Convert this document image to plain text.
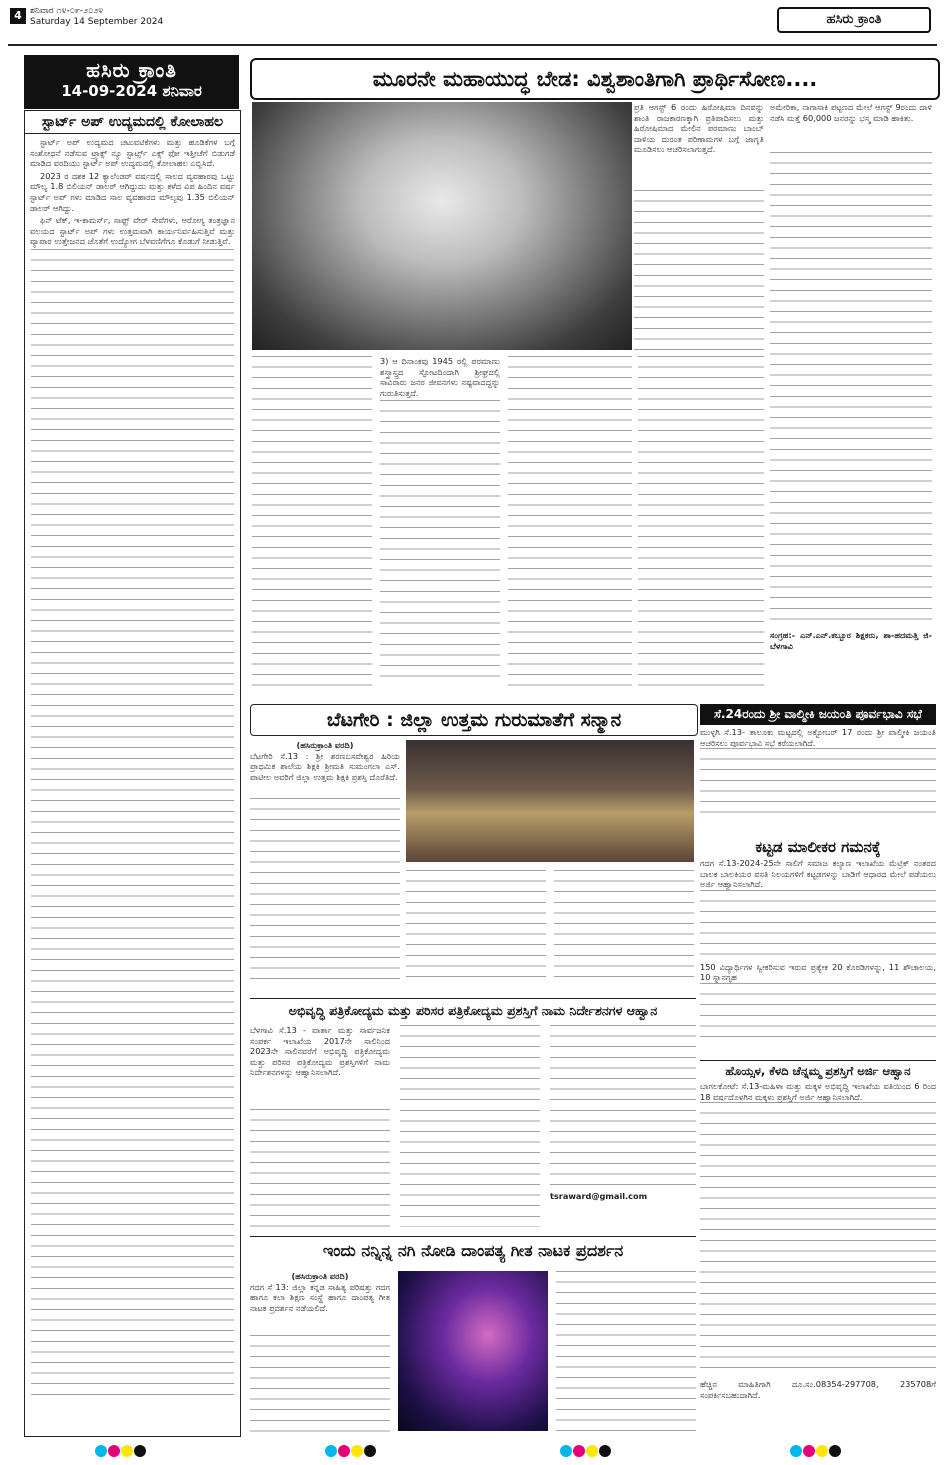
4 ಶನಿವಾರ ೧೪-೦೯-೨೦೨೪
Saturday 14 September 2024	ಹಸಿರು ಕ್ರಾಂತಿ
ಹಸಿರು ಕ್ರಾಂತಿ
14-09-2024 ಶನಿವಾರ
ಸ್ಟಾರ್ಟ್ ಅಪ್ ಉದ್ಯಮದಲ್ಲಿ ಕೋಲಾಹಲ

ಸ್ಟಾರ್ಟ್ ಅಪ್ ಉದ್ಯಮದ ಚಟುವಟಿಕೆಗಳು ಮತ್ತು ಹೂಡಿಕೆಗಳ ಬಗ್ಗೆ ಸಂಶೋಧನೆ ನಡೆಸುವ ಟ್ರ್ಯಾಕ್ಸ್ ನ್ಯೂ ಸ್ಟಾರ್ಟ್ಸ್ ಎಕ್ಸ್ ಫೋ ಇತ್ತೀಚೆಗೆ ಬಿಡುಗಡೆ ಮಾಡಿದ ವರದಿಯು ಸ್ಟಾರ್ಟ್ ಅಪ್ ಉದ್ಯಮದಲ್ಲಿ ಕೋಲಾಹಲ ಎಬ್ಬಿಸಿದೆ.

2023 ರ ದಶಕ 12 ಕ್ಯಾಲೆಂಡರ್ ವರ್ಷದಲ್ಲಿ ಸಾಲದ ವ್ಯವಹಾರವು ಒಟ್ಟು ಮೌಲ್ಯ 1.8 ಬಿಲಿಯನ್ ಡಾಲರ್ ಆಗಿದ್ದುದು ಮತ್ತು ಕಳೆದ ವಿಪ ಹಿಂದಿನ ವರ್ಷ ಸ್ಟಾರ್ಟ್ ಅಪ್ ಗಳು ಮಾಡಿದ ಸಾಲ ವ್ಯವಹಾರದ ಮೌಲ್ಯವು 1.35 ಬಿಲಿಯನ್ ಡಾಲರ್ ಆಗಿದ್ದು.

ಫಿನ್ ಟೆಕ್, ಇ-ಕಾಮರ್ಸ್, ಸಾಫ್ಟ್ ವೇರ್ ಸೇವೆಗಳು, ಆರೋಗ್ಯ ತಂತ್ರಜ್ಞಾನ ವಲಯದ ಸ್ಟಾರ್ಟ್ ಅಪ್ ಗಳು ಉತ್ತಮವಾಗಿ ಕಾರ್ಯನಿರ್ವಹಿಸುತ್ತಿವೆ ಮತ್ತು ವ್ಯಾಪಾರ ಉತ್ತೇಜನದ ಜೊತೆಗೆ ಉದ್ಯೋಗ ಬೆಳವಣಿಗೆಗೂ ಕೊಡುಗೆ ನೀಡುತ್ತಿವೆ.

ಮೂರನೇ ಮಹಾಯುದ್ಧ ಬೇಡ: ವಿಶ್ವಶಾಂತಿಗಾಗಿ ಪ್ರಾರ್ಥಿಸೋಣ....
ಪ್ರತಿ ಆಗಸ್ಟ್ 6 ರಂದು ಹಿರೋಷಿಮಾ ದಿನವನ್ನು ಶಾಂತಿ ರಾಜಕಾರಣಕ್ಕಾಗಿ ಪ್ರತಿಪಾದಿಸಲು ಮತ್ತು ಹಿರೋಷಿಮಾದ ಮೇಲಿನ ಪರಮಾಣು ಬಾಂಬ್ ದಾಳಿಯ ದುರಂತ ಪರಿಣಾಮಗಳ ಬಗ್ಗೆ ಜಾಗೃತಿ ಮೂಡಿಸಲು ಆಚರಿಸಲಾಗುತ್ತದೆ.
ಅಮೇರಿಕಾ, ನಾಗಾಸಾಕಿ ಪಟ್ಟಣದ ಮೇಲೆ ಆಗಸ್ಟ್ 9ರಂದು ದಾಳಿ ನಡೆಸಿ ಮತ್ತೆ 60,000 ಜನರನ್ನು ಭಸ್ಮ ಮಾಡಿ ಹಾಕಿತು.
3) ಆ ದಿನಾಂಕವು 1945 ರಲ್ಲಿ ಪರಮಾಣು ಶಸ್ತ್ರಾಸ್ತ್ರದ ಸ್ಫೋಟದಿಂದಾಗಿ ಶ್ರೀಘ್ರದಲ್ಲಿ ಸಾವಿರಾರು ಜನರ ಜೀವನಗಳು ನಷ್ಟವಾದದ್ದನ್ನು ಗುರುತಿಸುತ್ತದೆ.
ಸಂಗ್ರಹ:- ಎನ್.ಎನ್.ಕಬ್ಬೂರ ಶಿಕ್ಷಕರು, ಶಾ-ಹದಮತ್ತಿ ಜಿ-ಬೆಳಗಾವಿ
ಬೆಟಗೇರಿ : ಜಿಲ್ಲಾ ಉತ್ತಮ ಗುರುಮಾತೆಗೆ ಸನ್ಮಾನ
(ಹಸಿರುಕ್ರಾಂತಿ ವರದಿ)
ಬೆಟಗೇರಿ ಸೆ.13 : ಶ್ರೀ ಶರಣಬಸವೇಶ್ವರ ಹಿರಿಯ ಪ್ರಾಥಮಿಕ ಶಾಲೆಯ ಶಿಕ್ಷಕಿ ಶ್ರೀಮತಿ ಸುಮಂಗಲಾ ಎಸ್. ಪಾಟೀಲ ಅವರಿಗೆ ಜಿಲ್ಲಾ ಉತ್ತಮ ಶಿಕ್ಷಕಿ ಪ್ರಶಸ್ತಿ ದೊರೆತಿದೆ.
ಸೆ.24ರಂದು ಶ್ರೀ ವಾಲ್ಮೀಕಿ ಜಯಂತಿ ಪೂರ್ವಭಾವಿ ಸಭೆ
ಮುಳ್ಳಗಿ ಸೆ.13- ತಾಲೂಕು ಮಟ್ಟದಲ್ಲಿ ಅಕ್ಟೋಬರ್ 17 ರಂದು ಶ್ರೀ ವಾಲ್ಮೀಕಿ ಜಯಂತಿ ಆಚರಿಸಲು ಪೂರ್ವಭಾವಿ ಸಭೆ ಕರೆಯಲಾಗಿದೆ.
ಕಟ್ಟಡ ಮಾಲೀಕರ ಗಮನಕ್ಕೆ
ಗದಗ ಸೆ.13-2024-25ನೇ ಸಾಲಿಗೆ ಸಮಾಜ ಕಲ್ಯಾಣ ಇಲಾಖೆಯ ಮೆಟ್ರಿಕ್ ನಂತರದ ಬಾಲಕ ಬಾಲಕಿಯರ ವಸತಿ ನಿಲಯಗಳಿಗೆ ಕಟ್ಟಡಗಳನ್ನು ಬಾಡಿಗೆ ಆಧಾರದ ಮೇಲೆ ಪಡೆಯಲು ಅರ್ಜಿ ಆಹ್ವಾನಿಸಲಾಗಿದೆ.
150 ವಿದ್ಯಾರ್ಥಿಗಳ ಸ್ವೀಕರಿಸುವ ಇರುವ ಪ್ರತ್ಯೇಕ 20 ಕೊಠಡಿಗಳನ್ನು, 11 ಶೌಚಾಲಯ, 10 ಸ್ನಾನಗೃಹ
ಹೊಯ್ಸಳ, ಕೆಳದಿ ಚೆನ್ನಮ್ಮ ಪ್ರಶಸ್ತಿಗೆ ಅರ್ಜಿ ಆಹ್ವಾನ
ಬಾಗಲಕೋಟೆ: ಸೆ.13-ಮಹಿಳಾ ಮತ್ತು ಮಕ್ಕಳ ಅಭಿವೃದ್ಧಿ ಇಲಾಖೆಯ ವತಿಯಿಂದ 6 ರಿಂದ 18 ವರ್ಷದೊಳಗಿನ ಮಕ್ಕಳು ಪ್ರಶಸ್ತಿಗೆ ಅರ್ಜಿ ಆಹ್ವಾನಿಸಲಾಗಿದೆ.
ಹೆಚ್ಚಿನ ಮಾಹಿತಿಗಾಗಿ ದೂ.ಸಂ.08354-297708, 235708ಗೆ ಸಂಪರ್ಕಿಸಬಹುದಾಗಿದೆ.
ಅಭಿವೃದ್ಧಿ ಪತ್ರಿಕೋದ್ಯಮ ಮತ್ತು ಪರಿಸರ ಪತ್ರಿಕೋದ್ಯಮ ಪ್ರಶಸ್ತಿಗೆ ನಾಮ ನಿರ್ದೇಶನಗಳ ಆಹ್ವಾನ
ಬೆಳಗಾವಿ ಸೆ.13 - ವಾರ್ತಾ ಮತ್ತು ಸಾರ್ವಜನಿಕ ಸಂಪರ್ಕ ಇಲಾಖೆಯ 2017ನೇ ಸಾಲಿನಿಂದ 2023ನೇ ಸಾಲಿನವರೆಗೆ ಅಭಿವೃದ್ಧಿ ಪತ್ರಿಕೋದ್ಯಮ ಮತ್ತು ಪರಿಸರ ಪತ್ರಿಕೋದ್ಯಮ ಪ್ರಶಸ್ತಿಗಳಿಗೆ ನಾಮ ನಿರ್ದೇಶನಗಳನ್ನು ಆಹ್ವಾನಿಸಲಾಗಿದೆ.
tsraward@gmail.com
ಇಂದು ನನ್ನಿನ್ನ ನಗಿ ನೋಡಿ ದಾಂಪತ್ಯ ಗೀತ ನಾಟಕ ಪ್ರದರ್ಶನ
(ಹಸಿರುಕ್ರಾಂತಿ ವರದಿ)
ಗದಗ ಸೆ 13: ಜಿಲ್ಲಾ ಕನ್ನಡ ಸಾಹಿತ್ಯ ಪರಿಷತ್ತು ಗದಗ ಹಾಗೂ ಕಲಾ ಶಿಕ್ಷಣ ಸಂಸ್ಥೆ ಹಾಗೂ ದಾಂಪತ್ಯ ಗೀತ ನಾಟಕ ಪ್ರದರ್ಶನ ನಡೆಯಲಿದೆ.
